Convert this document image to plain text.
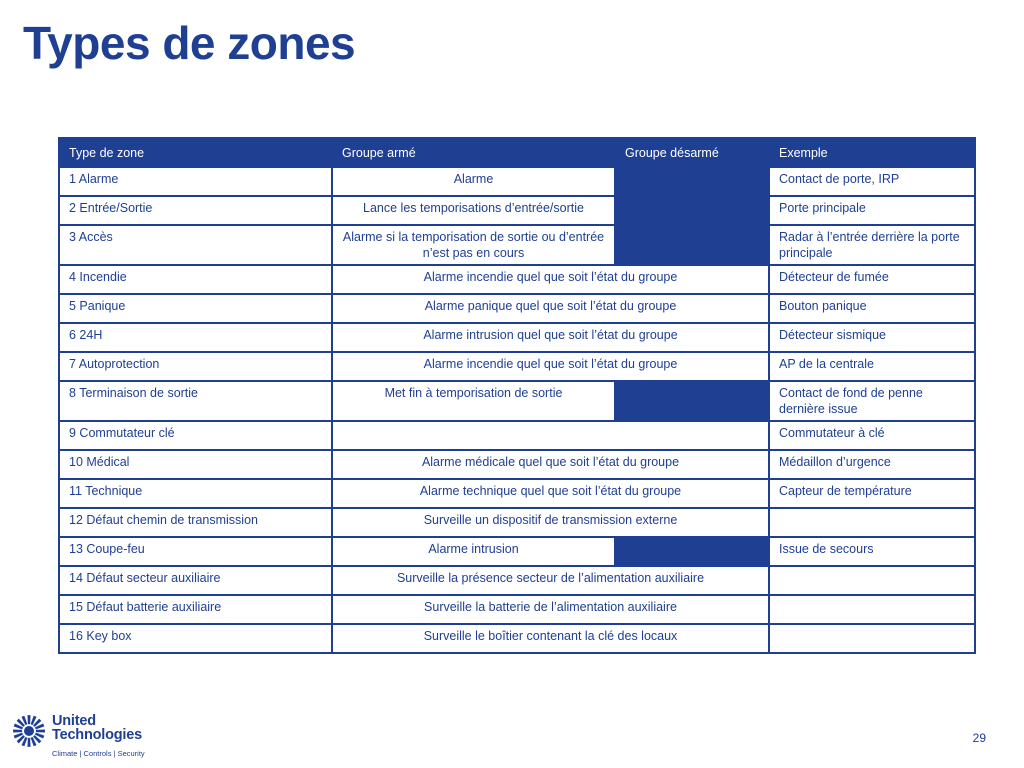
Types de zones
Type de zone	Groupe armé	Groupe désarmé	Exemple
1 Alarme	Alarme		Contact de porte, IRP
2 Entrée/Sortie	Lance les temporisations d’entrée/sortie		Porte principale
3 Accès	Alarme si la temporisation de sortie ou d’entrée n’est pas en cours		Radar à l’entrée derrière la porte principale
4 Incendie	Alarme incendie quel que soit l’état du groupe		Détecteur de fumée
5 Panique	Alarme panique quel que soit l’état du groupe		Bouton panique
6 24H	Alarme intrusion quel que soit l’état du groupe		Détecteur sismique
7 Autoprotection	Alarme incendie quel que soit l’état du groupe		AP de la centrale
8 Terminaison de sortie	Met fin à temporisation de sortie		Contact de fond de penne dernière issue
9 Commutateur clé			Commutateur à clé
10 Médical	Alarme médicale quel que soit l’état du groupe		Médaillon d’urgence
11 Technique	Alarme technique quel que soit l’état du groupe		Capteur de température
12 Défaut chemin de transmission	Surveille un dispositif de transmission externe		
13 Coupe-feu	Alarme intrusion		Issue de secours
14 Défaut secteur auxiliaire	Surveille la présence secteur de l’alimentation auxiliaire		
15 Défaut batterie auxiliaire	Surveille la batterie de l’alimentation auxiliaire		
16 Key box	Surveille le boîtier contenant la clé des locaux		
United
Technologies
Climate | Controls | Security
29
